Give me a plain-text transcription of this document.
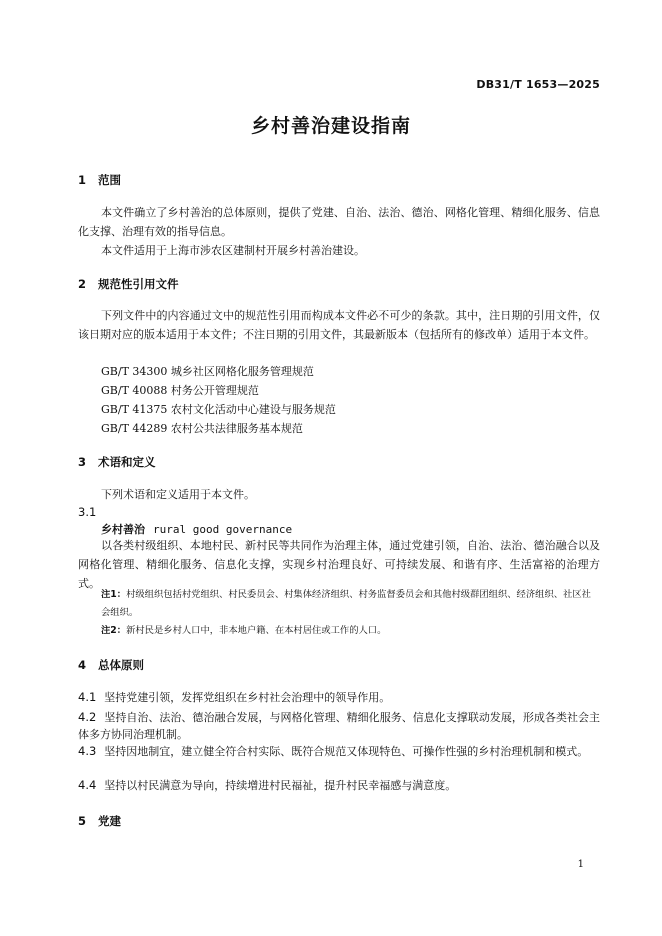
DB31/T 1653—2025
乡村善治建设指南
1 范围

本文件确立了乡村善治的总体原则，提供了党建、自治、法治、德治、网格化管理、精细化服务、信息化支撑、治理有效的指导信息。

本文件适用于上海市涉农区建制村开展乡村善治建设。

2 规范性引用文件

下列文件中的内容通过文中的规范性引用而构成本文件必不可少的条款。其中，注日期的引用文件，仅该日期对应的版本适用于本文件；不注日期的引用文件，其最新版本（包括所有的修改单）适用于本文件。

GB/T 34300 城乡社区网格化服务管理规范
GB/T 40088 村务公开管理规范
GB/T 41375 农村文化活动中心建设与服务规范
GB/T 44289 农村公共法律服务基本规范
3 术语和定义
下列术语和定义适用于本文件。
3.1
乡村善治 rural good governance

以各类村级组织、本地村民、新村民等共同作为治理主体，通过党建引领，自治、法治、德治融合以及网格化管理、精细化服务、信息化支撑，实现乡村治理良好、可持续发展、和谐有序、生活富裕的治理方式。

注1：村级组织包括村党组织、村民委员会、村集体经济组织、村务监督委员会和其他村级群团组织、经济组织、社区社会组织。
注2：新村民是乡村人口中，非本地户籍、在本村居住或工作的人口。
4 总体原则

4.1 坚持党建引领，发挥党组织在乡村社会治理中的领导作用。

4.2 坚持自治、法治、德治融合发展，与网格化管理、精细化服务、信息化支撑联动发展，形成各类社会主体多方协同治理机制。

4.3 坚持因地制宜，建立健全符合村实际、既符合规范又体现特色、可操作性强的乡村治理机制和模式。

4.4 坚持以村民满意为导向，持续增进村民福祉，提升村民幸福感与满意度。

5 党建
1
